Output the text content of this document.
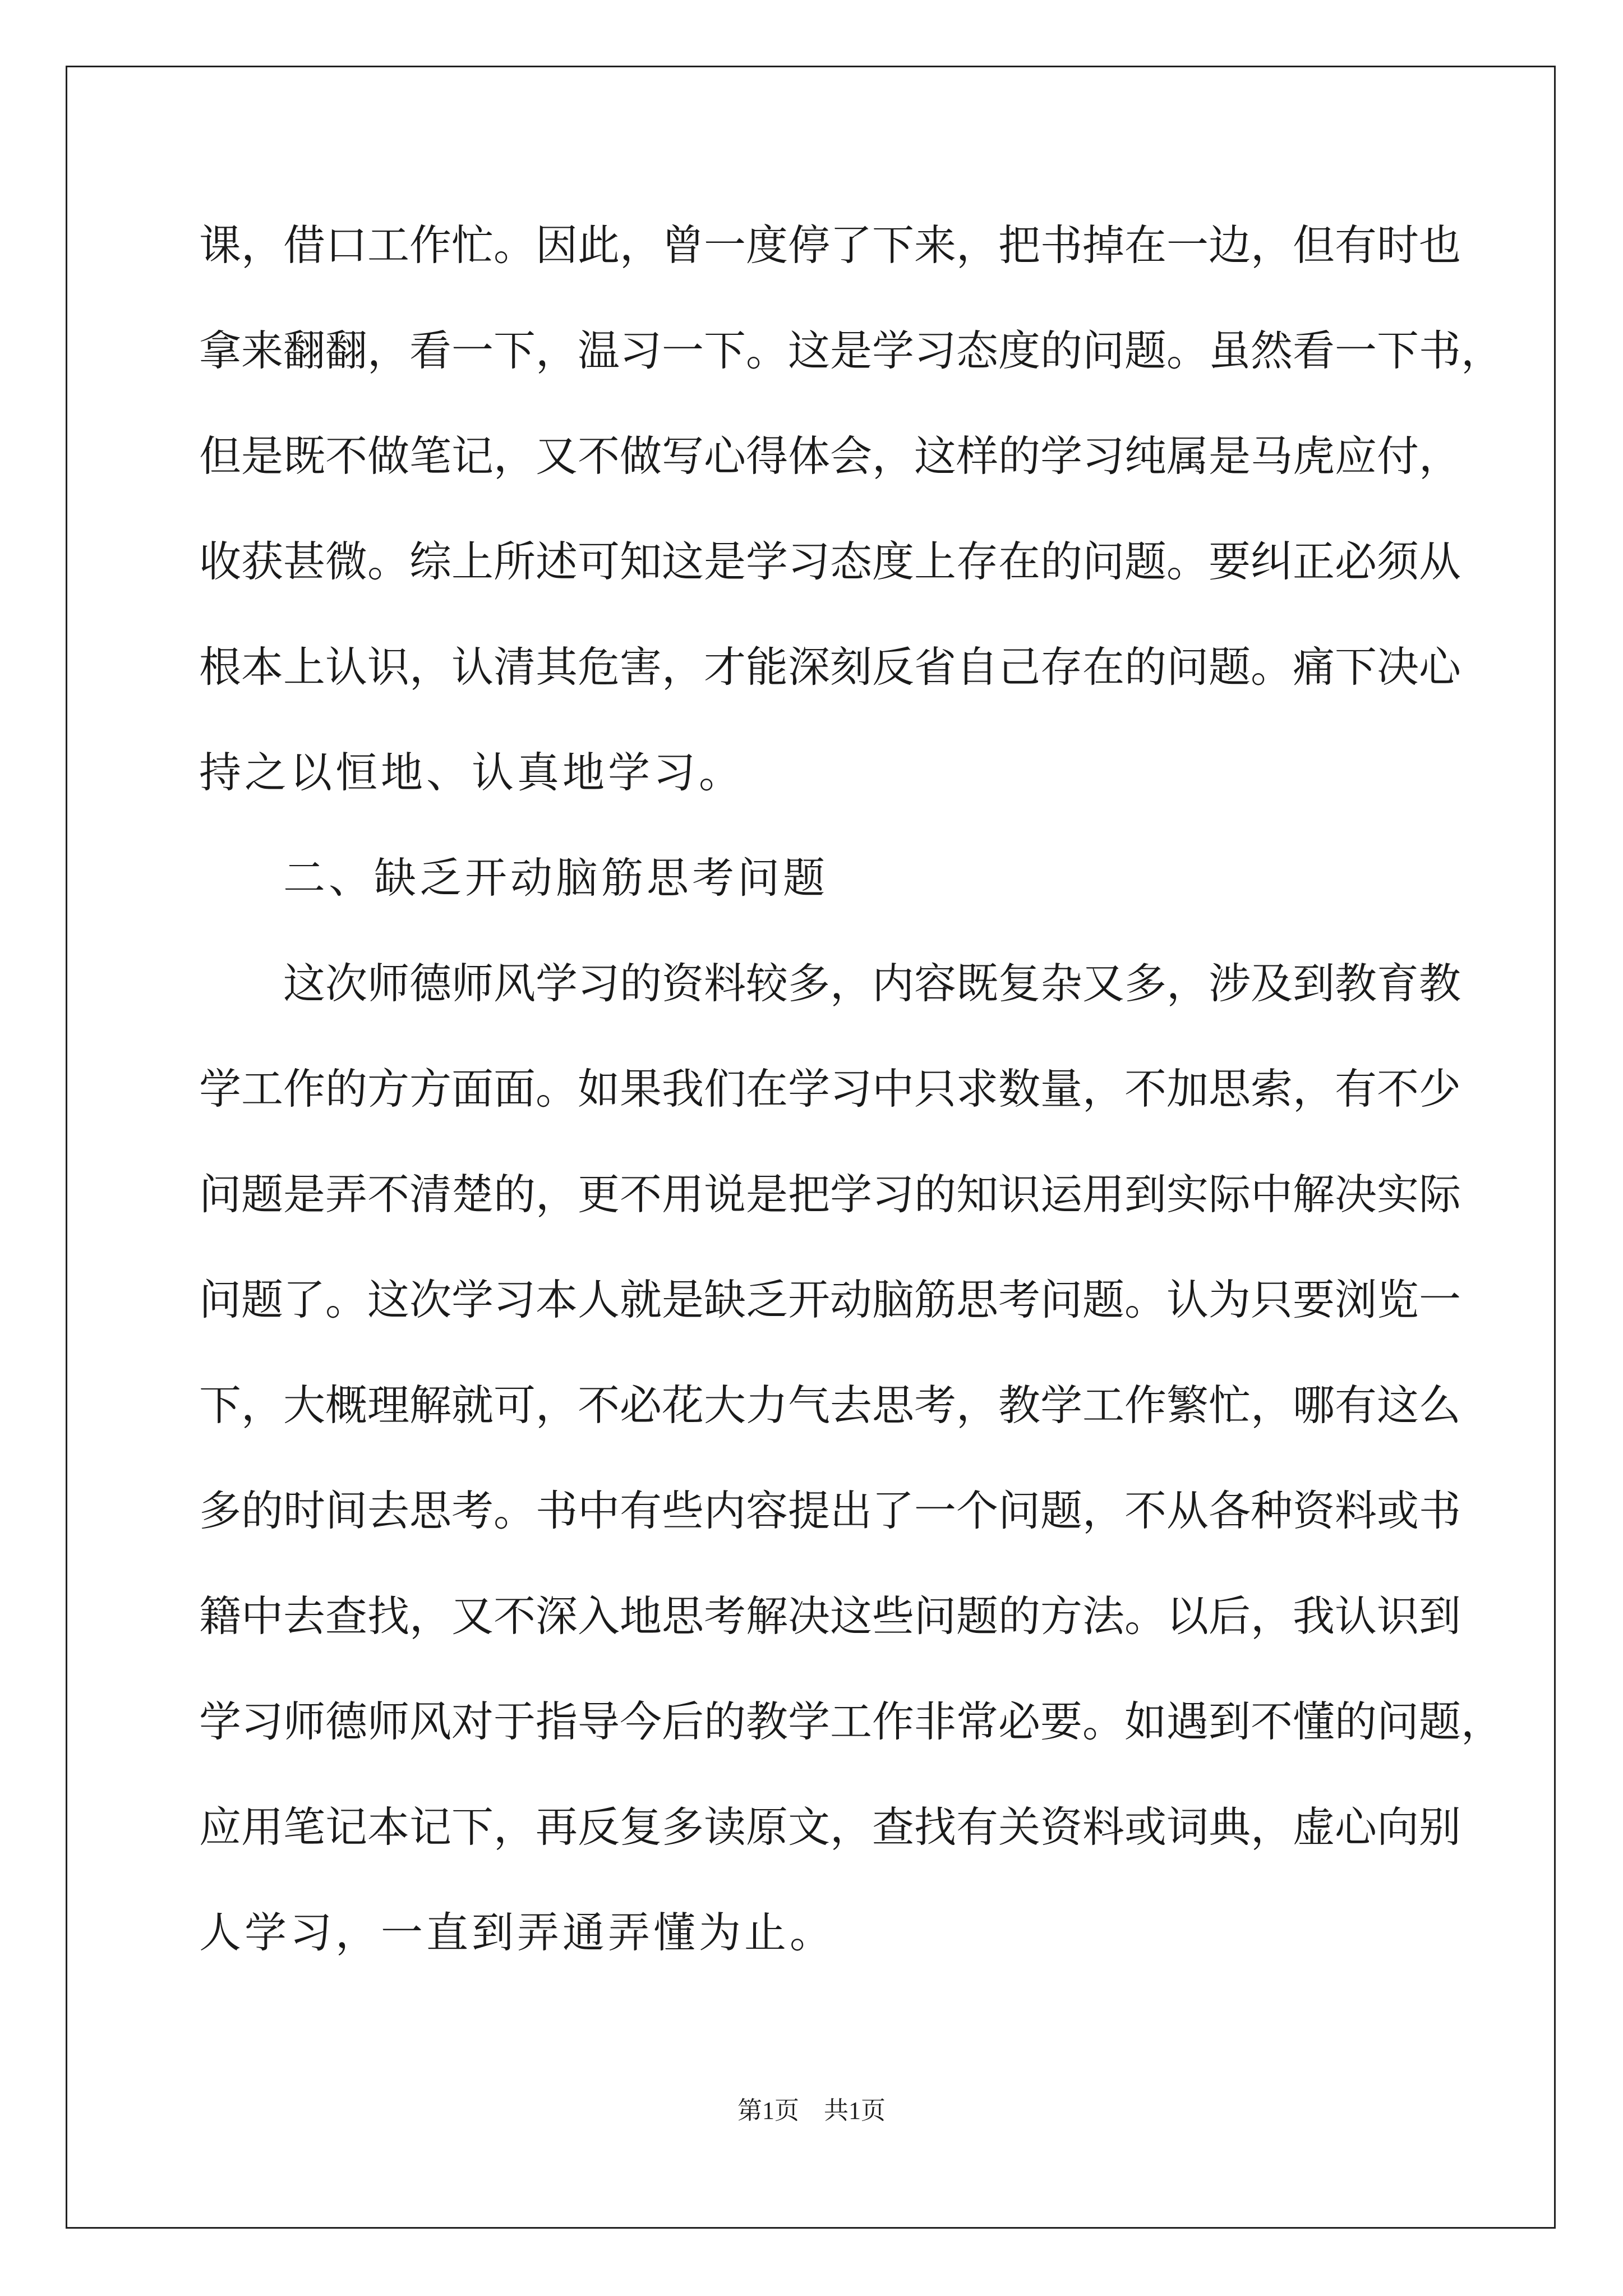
课，借口工作忙。因此，曾一度停了下来，把书掉在一边，但有时也
拿来翻翻，看一下，温习一下。这是学习态度的问题。虽然看一下书，
但是既不做笔记，又不做写心得体会，这样的学习纯属是马虎应付，
收获甚微。综上所述可知这是学习态度上存在的问题。要纠正必须从
根本上认识，认清其危害，才能深刻反省自己存在的问题。痛下决心
持之以恒地、认真地学习。
二、缺乏开动脑筋思考问题
这次师德师风学习的资料较多，内容既复杂又多，涉及到教育教
学工作的方方面面。如果我们在学习中只求数量，不加思索，有不少
问题是弄不清楚的，更不用说是把学习的知识运用到实际中解决实际
问题了。这次学习本人就是缺乏开动脑筋思考问题。认为只要浏览一
下，大概理解就可，不必花大力气去思考，教学工作繁忙，哪有这么
多的时间去思考。书中有些内容提出了一个问题，不从各种资料或书
籍中去查找，又不深入地思考解决这些问题的方法。以后，我认识到
学习师德师风对于指导今后的教学工作非常必要。如遇到不懂的问题，
应用笔记本记下，再反复多读原文，查找有关资料或词典，虚心向别
人学习，一直到弄通弄懂为止。
第1页 共1页
